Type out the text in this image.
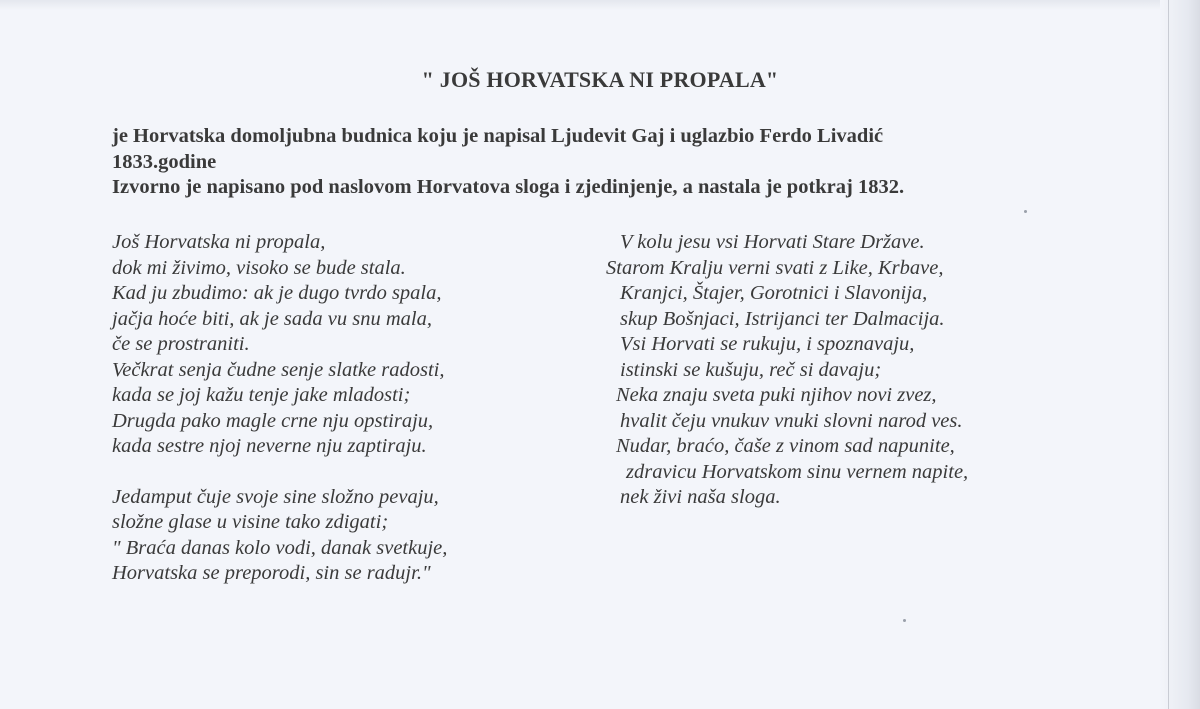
" JOŠ HORVATSKA NI PROPALA"

je Horvatska domoljubna budnica koju je napisal Ljudevit Gaj i uglazbio Ferdo Livadić

1833.godine

Izvorno je napisano pod naslovom Horvatova sloga i zjedinjenje, a nastala je potkraj 1832.

Još Horvatska ni propala,
dok mi živimo, visoko se bude stala.
Kad ju zbudimo: ak je dugo tvrdo spala,
jačja hoće biti, ak je sada vu snu mala,
če se prostraniti.
Večkrat senja čudne senje slatke radosti,
kada se joj kažu tenje jake mladosti;
Drugda pako magle crne nju opstiraju,
kada sestre njoj neverne nju zaptiraju.
Jedamput čuje svoje sine složno pevaju,
složne glase u visine tako zdigati;
" Braća danas kolo vodi, danak svetkuje,
Horvatska se preporodi, sin se radujr."
V kolu jesu vsi Horvati Stare Države.
Starom Kralju verni svati z Like, Krbave,
Kranjci, Štajer, Gorotnici i Slavonija,
skup Bošnjaci, Istrijanci ter Dalmacija.
Vsi Horvati se rukuju, i spoznavaju,
istinski se kušuju, reč si davaju;
Neka znaju sveta puki njihov novi zvez,
hvalit čeju vnukuv vnuki slovni narod ves.
Nudar, braćo, čaše z vinom sad napunite,
zdravicu Horvatskom sinu vernem napite,
nek živi naša sloga.
